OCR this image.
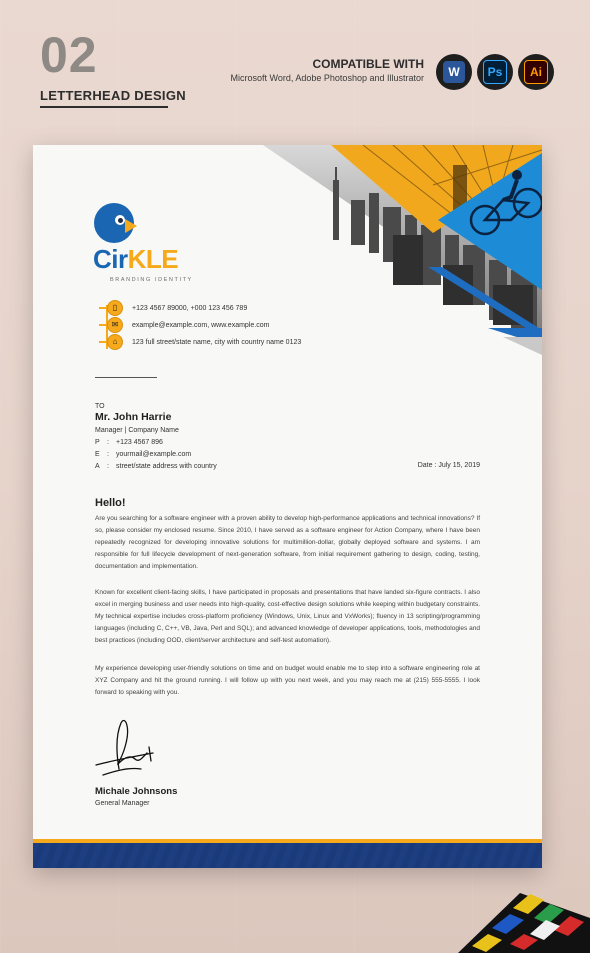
02
LETTERHEAD DESIGN
COMPATIBLE WITH
Microsoft Word, Adobe Photoshop and Illustrator	W	Ps	Ai
CirKLE
BRANDING IDENTITY
▯	+123 4567 89000, +000 123 456 789
✉	example@example.com, www.example.com
⌂	123 full street/state name, city with country name 0123
TO
Mr. John Harrie
Manager | Company Name
P	:	+123 4567 896
E	:	yourmail@example.com
A	:	street/state address with country	Date : July 15, 2019
Hello!
Are you searching for a software engineer with a proven ability to develop high-performance applications and technical innovations? If so, please consider my enclosed resume. Since 2010, I have served as a software engineer for Action Company, where I have been repeatedly recognized for developing innovative solutions for multimillion-dollar, globally deployed software and systems. I am responsible for full lifecycle development of next-generation software, from initial requirement gathering to design, coding, testing, documentation and implementation.
Known for excellent client-facing skills, I have participated in proposals and presentations that have landed six-figure contracts. I also excel in merging business and user needs into high-quality, cost-effective design solutions while keeping within budgetary constraints. My technical expertise includes cross-platform proficiency (Windows, Unix, Linux and VxWorks); fluency in 13 scripting/programming languages (including C, C++, VB, Java, Perl and SQL); and advanced knowledge of developer applications, tools, methodologies and best practices (including OOD, client/server architecture and self-test automation).
My experience developing user-friendly solutions on time and on budget would enable me to step into a software engineering role at XYZ Company and hit the ground running. I will follow up with you next week, and you may reach me at (215) 555-5555. I look forward to speaking with you.
Michale Johnsons
General Manager
